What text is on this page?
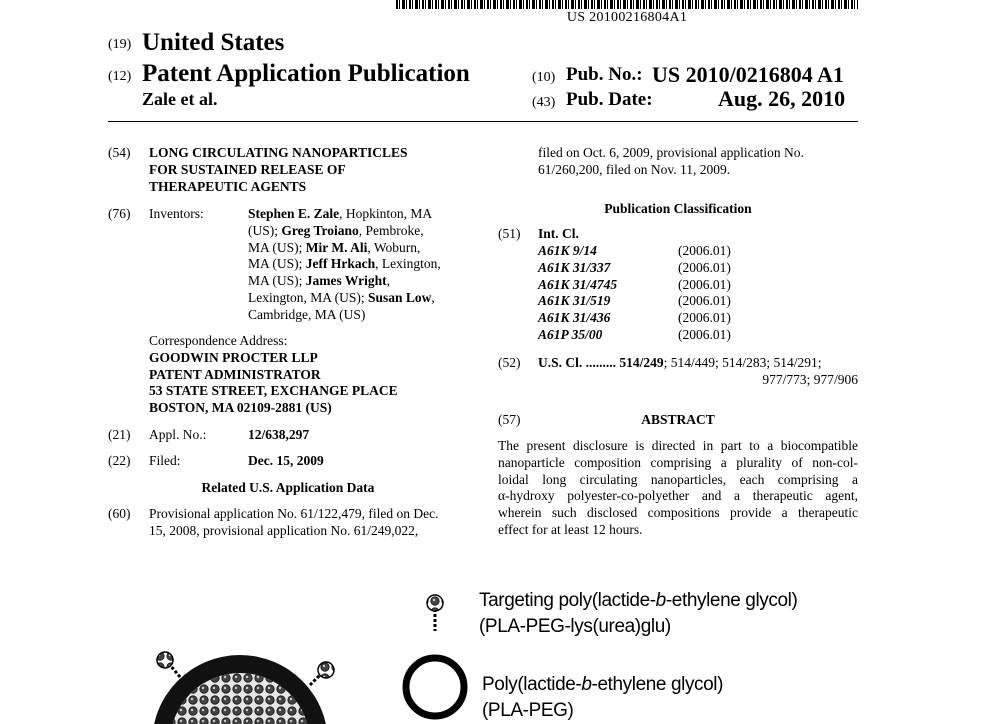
US 20100216804A1
(19) United States
(12) Patent Application Publication
Zale et al.
(10) Pub. No.: US 2010/0216804 A1
(43) Pub. Date:	Aug. 26, 2010
(54) LONG CIRCULATING NANOPARTICLES
FOR SUSTAINED RELEASE OF
THERAPEUTIC AGENTS
(76) Inventors:	Stephen E. Zale, Hopkinton, MA
(US); Greg Troiano, Pembroke,
MA (US); Mir M. Ali, Woburn,
MA (US); Jeff Hrkach, Lexington,
MA (US); James Wright,
Lexington, MA (US); Susan Low,
Cambridge, MA (US)
Correspondence Address:
GOODWIN PROCTER LLP
PATENT ADMINISTRATOR
53 STATE STREET, EXCHANGE PLACE
BOSTON, MA 02109-2881 (US)
(21) Appl. No.:	12/638,297
(22) Filed:	Dec. 15, 2009
Related U.S. Application Data
(60) Provisional application No. 61/122,479, filed on Dec.
15, 2008, provisional application No. 61/249,022,
filed on Oct. 6, 2009, provisional application No.
61/260,200, filed on Nov. 11, 2009.
Publication Classification
(51) Int. Cl.
A61K 9/14	(2006.01)
A61K 31/337	(2006.01)
A61K 31/4745	(2006.01)
A61K 31/519	(2006.01)
A61K 31/436	(2006.01)
A61P 35/00	(2006.01)
(52) U.S. Cl. ......... 514/249; 514/449; 514/283; 514/291;
977/773; 977/906
(57)	ABSTRACT
The present disclosure is directed in part to a biocompatible
nanoparticle composition comprising a plurality of non-col-
loidal long circulating nanoparticles, each comprising a
α-hydroxy polyester-co-polyether and a therapeutic agent,
wherein such disclosed compositions provide a therapeutic
effect for at least 12 hours.
Targeting poly(lactide-b-ethylene glycol)
(PLA-PEG-lys(urea)glu)
Poly(lactide-b-ethylene glycol)
(PLA-PEG)
